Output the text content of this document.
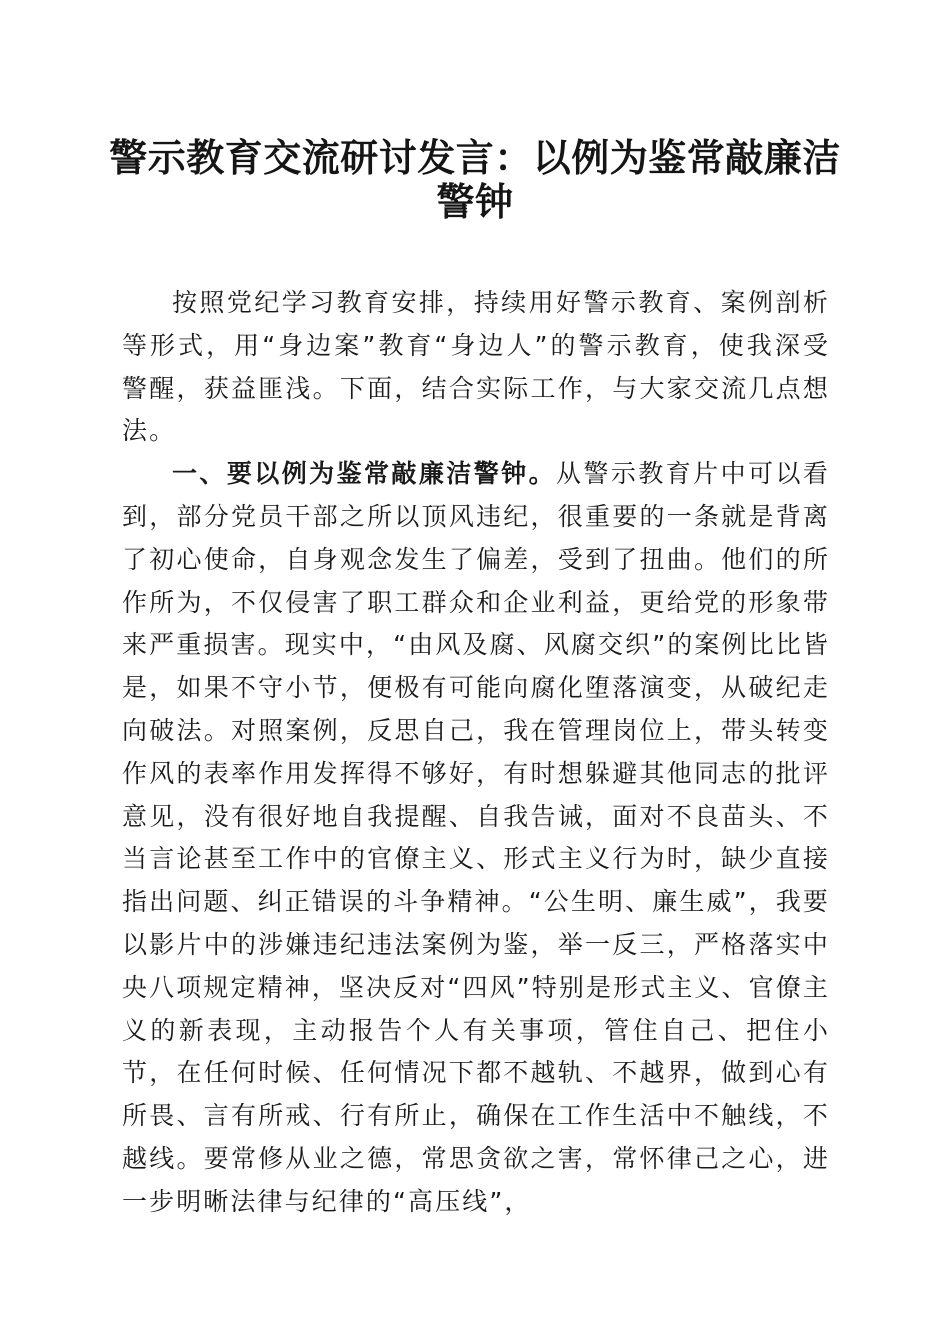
警示教育交流研讨发言：以例为鉴常敲廉洁警钟

按照党纪学习教育安排，持续用好警示教育、案例剖析等形式，用“身边案”教育“身边人”的警示教育，使我深受警醒，获益匪浅。下面，结合实际工作，与大家交流几点想法。

一、要以例为鉴常敲廉洁警钟。从警示教育片中可以看到，部分党员干部之所以顶风违纪，很重要的一条就是背离了初心使命，自身观念发生了偏差，受到了扭曲。他们的所作所为，不仅侵害了职工群众和企业利益，更给党的形象带来严重损害。现实中，“由风及腐、风腐交织”的案例比比皆是，如果不守小节，便极有可能向腐化堕落演变，从破纪走向破法。对照案例，反思自己，我在管理岗位上，带头转变作风的表率作用发挥得不够好，有时想躲避其他同志的批评意见，没有很好地自我提醒、自我告诫，面对不良苗头、不当言论甚至工作中的官僚主义、形式主义行为时，缺少直接指出问题、纠正错误的斗争精神。“公生明、廉生威”，我要以影片中的涉嫌违纪违法案例为鉴，举一反三，严格落实中央八项规定精神，坚决反对“四风”特别是形式主义、官僚主义的新表现，主动报告个人有关事项，管住自己、把住小节，在任何时候、任何情况下都不越轨、不越界，做到心有所畏、言有所戒、行有所止，确保在工作生活中不触线，不越线。要常修从业之德，常思贪欲之害，常怀律己之心，进一步明晰法律与纪律的“高压线”，
